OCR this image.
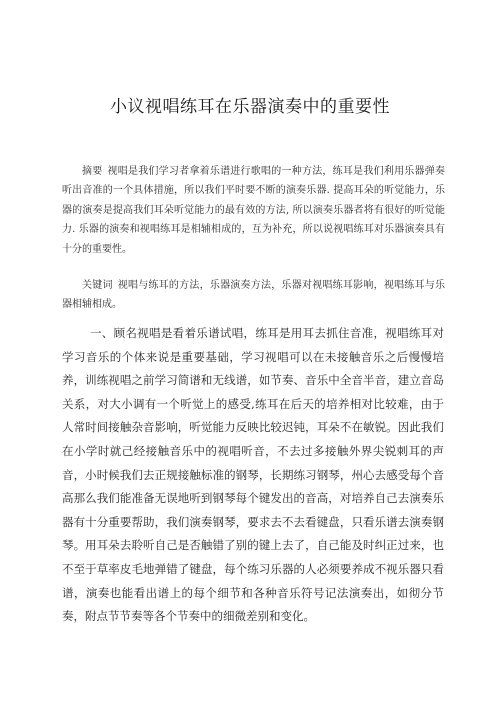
小议视唱练耳在乐器演奏中的重要性

摘要 视唱是我们学习者拿着乐谱进行歌唱的一种方法，练耳是我们利用乐器弹奏听出音准的一个具体措施，所以我们平时要不断的演奏乐器. 提高耳朵的听觉能力，乐器的演奏是提高我们耳朵听觉能力的最有效的方法, 所以演奏乐器者将有很好的听觉能力. 乐器的演奏和视唱练耳是相辅相成的，互为补充，所以说视唱练耳对乐器演奏具有十分的重要性。

关键词 视唱与练耳的方法，乐器演奏方法，乐器对视唱练耳影响，视唱练耳与乐器相辅相成。

一、顾名视唱是看着乐谱试唱，练耳是用耳去抓住音准，视唱练耳对学习音乐的个体来说是重要基础，学习视唱可以在未接触音乐之后慢慢培养，训练视唱之前学习简谱和无线谱，如节奏、音乐中全音半音，建立音岛关系，对大小调有一个听觉上的感受,练耳在后天的培养相对比较难，由于人常时间接触杂音影响，听觉能力反映比较迟钝，耳朵不在敏锐。因此我们在小学时就己经接触音乐中的视唱听音，不去过多接触外界尖锐刺耳的声音，小时候我们去正规接触标准的钢琴，长期练习钢琴，州心去感受每个音高那么我们能准备无误地听到钢琴每个键发出的音高，对培养自己去演奏乐器有十分重要帮助，我们演奏钢琴，要求去不去看键盘，只看乐谱去演奏钢琴。用耳朵去聆听自己是否触错了别的键上去了，自己能及时纠正过来，也不至于草率皮毛地弹错了键盘，每个练习乐器的人必须要养成不视乐器只看谱，演奏也能看出谱上的每个细节和各种音乐符号记法演奏出，如彻分节奏，附点节节奏等各个节奏中的细微差别和变化。
